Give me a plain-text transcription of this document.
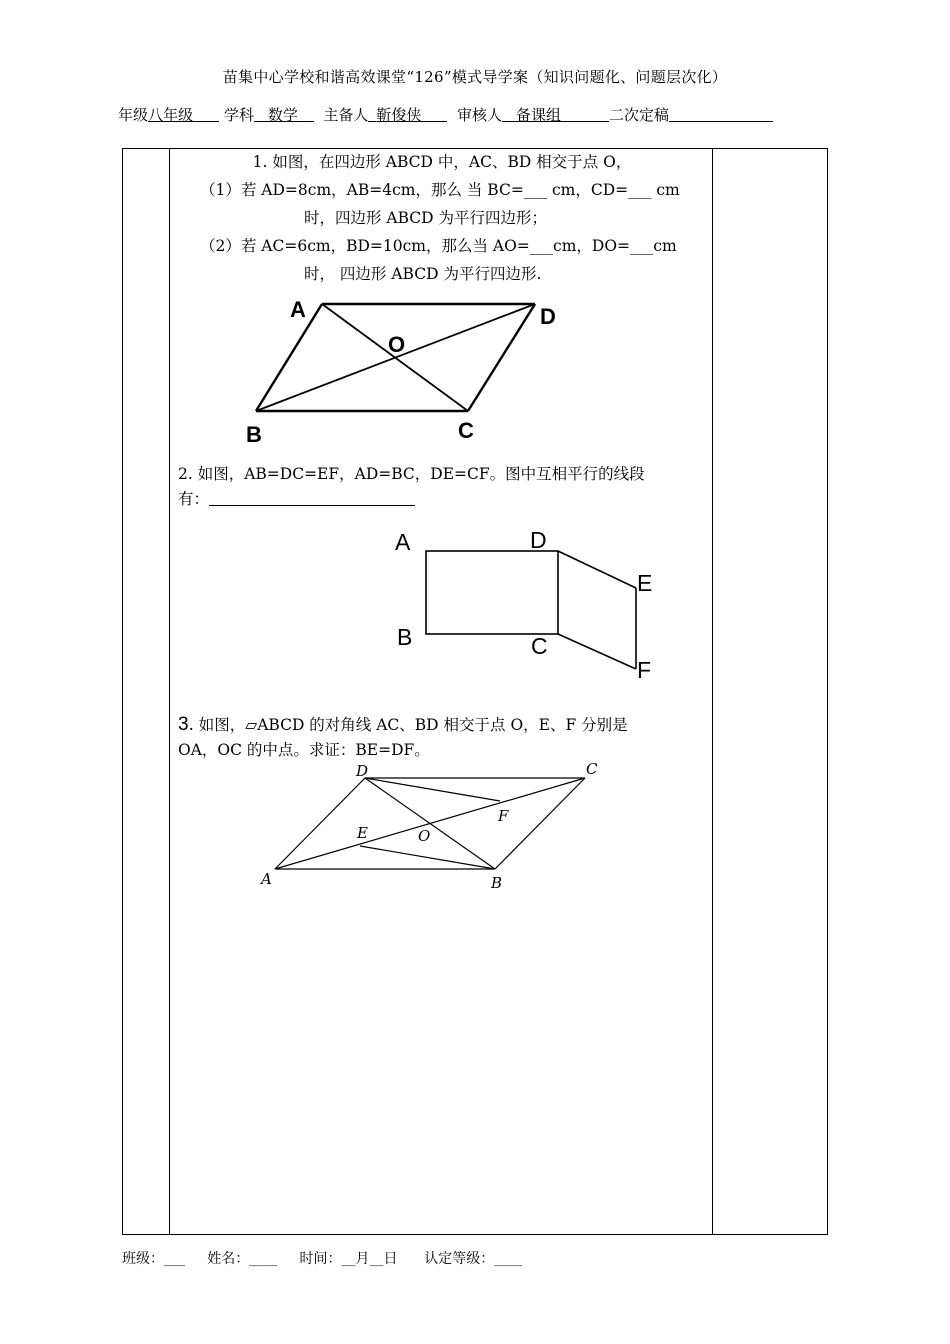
苗集中心学校和谐高效课堂“126”模式导学案（知识问题化、问题层次化）
年级八年级 学科 数学 主备人 靳俊侠 审核人 备课组	二次定稿
1. 如图，在四边形 ABCD 中，AC、BD 相交于点 O，
（1）若 AD=8cm，AB=4cm，那么 当 BC=___ cm，CD=___ cm
时，四边形 ABCD 为平行四边形；
（2）若 AC=6cm，BD=10cm，那么当 AO=___cm，DO=___cm
时， 四边形 ABCD 为平行四边形.
A	D
O
B	C
2. 如图，AB=DC=EF，AD=BC，DE=CF。图中互相平行的线段
有：
A	D
E
B	C
F
3. 如图，▱ABCD 的对角线 AC、BD 相交于点 O，E、F 分别是
OA，OC 的中点。求证：BE=DF。
D	C
F
E	O
A	B
班级：___     姓名：____     时间：__月__日      认定等级：____
